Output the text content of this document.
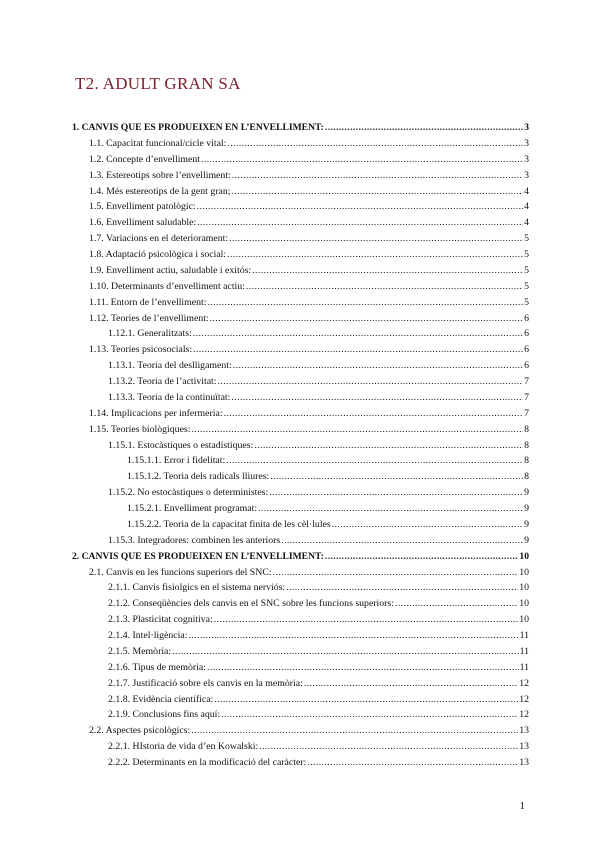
T2. ADULT GRAN SA
1. CANVIS QUE ES PRODUEIXEN EN L’ENVELLIMENT: .....	3
1.1. Capacitat funcional/cicle vital: .....	3
1.2. Concepte d’envelliment .....	3
1.3. Estereotips sobre l’envelliment: .....	3
1.4. Més estereotips de la gent gran; .....	4
1.5. Envelliment patològic: .....	4
1.6. Envelliment saludable: .....	4
1.7. Variacions en el deteriorament: .....	5
1.8. Adaptació psicològica i social: .....	5
1.9. Envelliment actiu, saludable i exitós: .....	5
1.10. Determinants d’envelliment actiu: .....	5
1.11. Entorn de l’envelliment: .....	5
1.12. Teories de l’envelliment: .....	6
1.12.1. Generalitzats: .....	6
1.13. Teories psicosocials: .....	6
1.13.1. Teoria del deslligament: .....	6
1.13.2. Teoria de l’activitat: .....	7
1.13.3. Teoria de la continuïtat: .....	7
1.14. Implicacions per infermeria: .....	7
1.15. Teories biològiques: .....	8
1.15.1. Estocàstiques o estadístiques: .....	8
1.15.1.1. Error i fidelitat: .....	8
1.15.1.2. Teoria dels radicals lliures: .....	8
1.15.2. No estocàstiques o deterministes: .....	9
1.15.2.1. Envelliment programat: .....	9
1.15.2.2. Teoria de la capacitat finita de les cèl·lules .....	9
1.15.3. Integradores: combinen les anteriors .....	9
2. CANVIS QUE ES PRODUEIXEN EN L’ENVELLIMENT: .....	10
2.1. Canvis en les funcions superiors del SNC: .....	10
2.1.1. Canvis fisiolgics en el sistema nerviós: .....	10
2.1.2. Conseqüències dels canvis en el SNC sobre les funcions superiors: .....	10
2.1.3. Plasticitat cognitiva: .....	10
2.1.4. Intel·ligència: .....	11
2.1.5. Memòria: .....	11
2.1.6. Tipus de memòria: .....	11
2.1.7. Justificació sobre els canvis en la memòria: .....	12
2.1.8. Evidència científica: .....	12
2.1.9. Conclusions fins aquí: .....	12
2.2. Aspectes psicològics: .....	13
2.2.1. HIstoria de vida d’en Kowalski: .....	13
2.2.2. Determinants en la modificació del caràcter: .....	13
1
